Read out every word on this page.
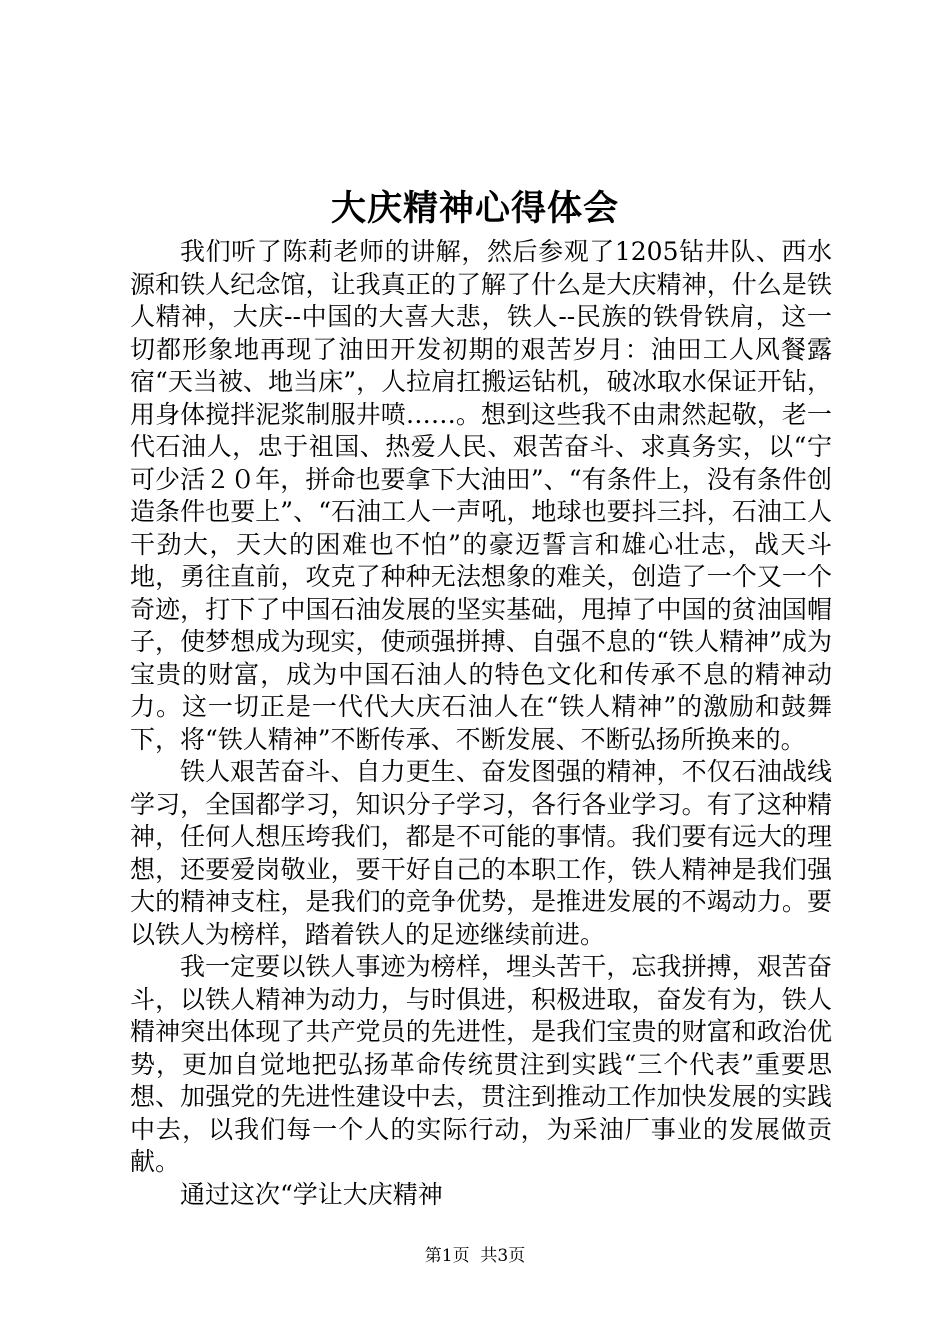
大庆精神心得体会

我们听了陈莉老师的讲解，然后参观了1205钻井队、西水源和铁人纪念馆，让我真正的了解了什么是大庆精神，什么是铁人精神，大庆--中国的大喜大悲，铁人--民族的铁骨铁肩，这一切都形象地再现了油田开发初期的艰苦岁月：油田工人风餐露宿“天当被、地当床”，人拉肩扛搬运钻机，破冰取水保证开钻，用身体搅拌泥浆制服井喷……。想到这些我不由肃然起敬，老一代石油人，忠于祖国、热爱人民、艰苦奋斗、求真务实，以“宁可少活２０年，拼命也要拿下大油田”、“有条件上，没有条件创造条件也要上”、“石油工人一声吼，地球也要抖三抖，石油工人干劲大，天大的困难也不怕”的豪迈誓言和雄心壮志，战天斗地，勇往直前，攻克了种种无法想象的难关，创造了一个又一个奇迹，打下了中国石油发展的坚实基础，甩掉了中国的贫油国帽子，使梦想成为现实，使顽强拼搏、自强不息的“铁人精神”成为宝贵的财富，成为中国石油人的特色文化和传承不息的精神动力。这一切正是一代代大庆石油人在“铁人精神”的激励和鼓舞下，将“铁人精神”不断传承、不断发展、不断弘扬所换来的。

铁人艰苦奋斗、自力更生、奋发图强的精神，不仅石油战线学习，全国都学习，知识分子学习，各行各业学习。有了这种精神，任何人想压垮我们，都是不可能的事情。我们要有远大的理想，还要爱岗敬业，要干好自己的本职工作，铁人精神是我们强大的精神支柱，是我们的竞争优势，是推进发展的不竭动力。要以铁人为榜样，踏着铁人的足迹继续前进。

我一定要以铁人事迹为榜样，埋头苦干，忘我拼搏，艰苦奋斗，以铁人精神为动力，与时俱进，积极进取，奋发有为，铁人精神突出体现了共产党员的先进性，是我们宝贵的财富和政治优势，更加自觉地把弘扬革命传统贯注到实践“三个代表”重要思想、加强党的先进性建设中去，贯注到推动工作加快发展的实践中去，以我们每一个人的实际行动，为采油厂事业的发展做贡献。

通过这次“学让大庆精神

第1页 共3页
